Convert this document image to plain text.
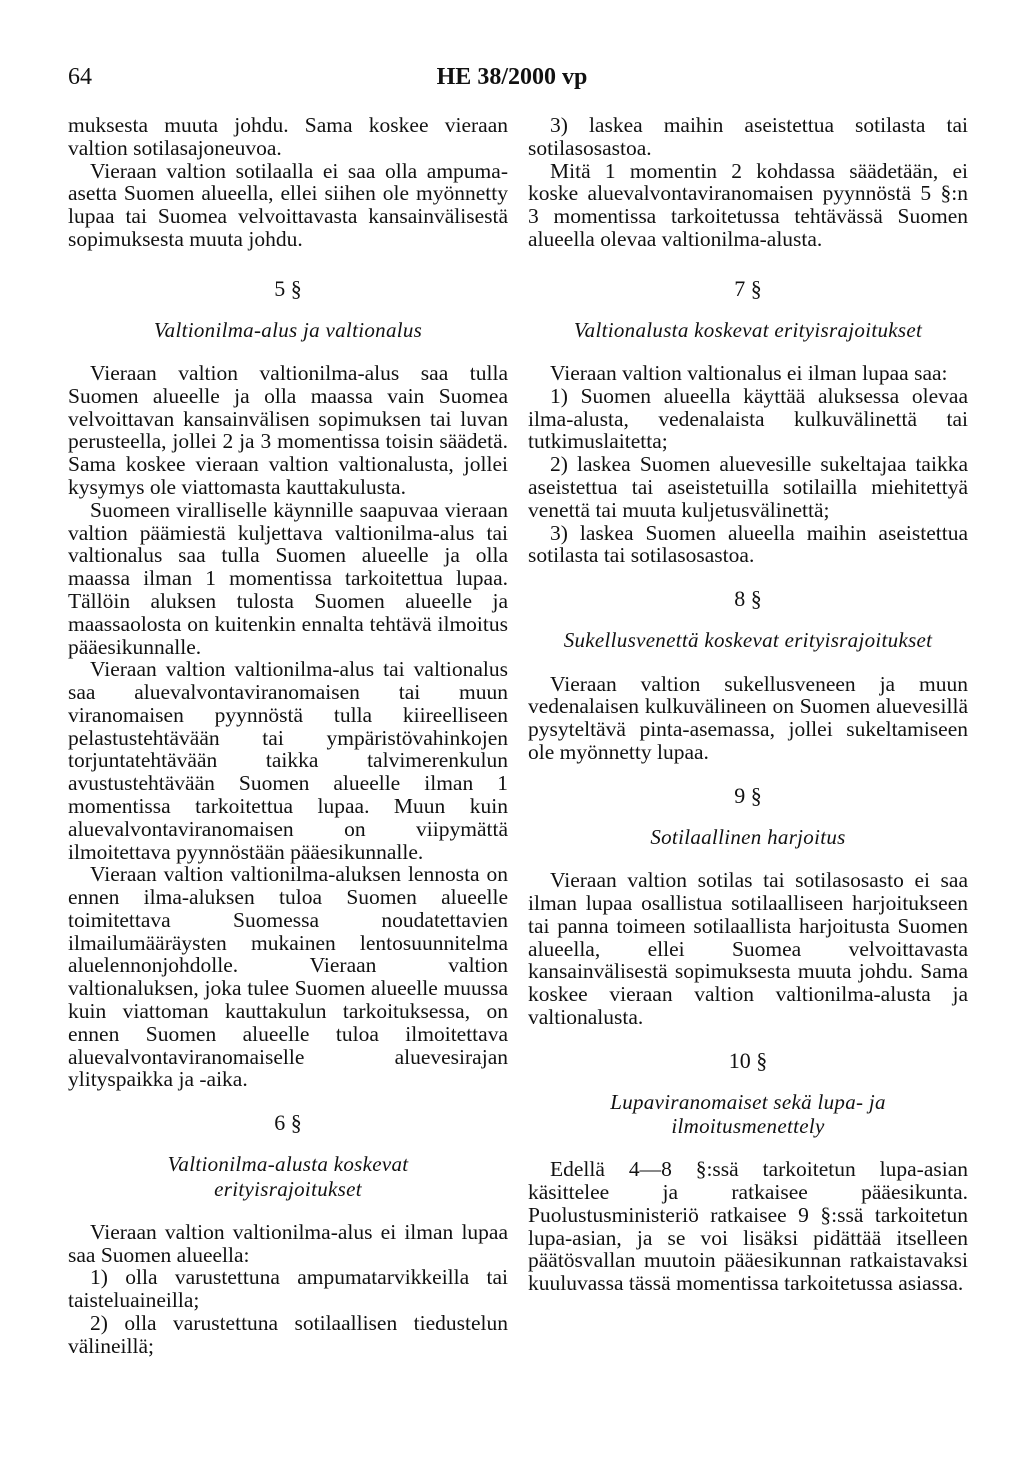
64	HE 38/2000 vp

muksesta muuta johdu. Sama koskee vieraan valtion sotilasajoneuvoa.

Vieraan valtion sotilaalla ei saa olla ampuma-asetta Suomen alueella, ellei siihen ole myönnetty lupaa tai Suomea velvoittavasta kansainvälisestä sopimuksesta muuta johdu.

5 §
Valtionilma-alus ja valtionalus

Vieraan valtion valtionilma-alus saa tulla Suomen alueelle ja olla maassa vain Suomea velvoittavan kansainvälisen sopimuksen tai luvan perusteella, jollei 2 ja 3 momentissa toisin säädetä. Sama koskee vieraan valtion valtionalusta, jollei kysymys ole viattomasta kauttakulusta.

Suomeen viralliselle käynnille saapuvaa vieraan valtion päämiestä kuljettava valtionilma-alus tai valtionalus saa tulla Suomen alueelle ja olla maassa ilman 1 momentissa tarkoitettua lupaa. Tällöin aluksen tulosta Suomen alueelle ja maassaolosta on kuitenkin ennalta tehtävä ilmoitus pääesikunnalle.

Vieraan valtion valtionilma-alus tai valtionalus saa aluevalvontaviranomaisen tai muun viranomaisen pyynnöstä tulla kiireelliseen pelastustehtävään tai ympäristövahinkojen torjuntatehtävään taikka talvimerenkulun avustustehtävään Suomen alueelle ilman 1 momentissa tarkoitettua lupaa. Muun kuin aluevalvontaviranomaisen on viipymättä ilmoitettava pyynnöstään pääesikunnalle.

Vieraan valtion valtionilma-aluksen lennosta on ennen ilma-aluksen tuloa Suomen alueelle toimitettava Suomessa noudatettavien ilmailumääräysten mukainen lentosuunnitelma aluelennonjohdolle. Vieraan valtion valtionaluksen, joka tulee Suomen alueelle muussa kuin viattoman kauttakulun tarkoituksessa, on ennen Suomen alueelle tuloa ilmoitettava aluevalvontaviranomaiselle aluevesirajan ylityspaikka ja -aika.

6 §
Valtionilma-alusta koskevat erityisrajoitukset

Vieraan valtion valtionilma-alus ei ilman lupaa saa Suomen alueella:

1) olla varustettuna ampumatarvikkeilla tai taisteluaineilla;

2) olla varustettuna sotilaallisen tiedustelun välineillä;

3) laskea maihin aseistettua sotilasta tai sotilasosastoa.

Mitä 1 momentin 2 kohdassa säädetään, ei koske aluevalvontaviranomaisen pyynnöstä 5 §:n 3 momentissa tarkoitetussa tehtävässä Suomen alueella olevaa valtionilma-alusta.

7 §
Valtionalusta koskevat erityisrajoitukset

Vieraan valtion valtionalus ei ilman lupaa saa:

1) Suomen alueella käyttää aluksessa olevaa ilma-alusta, vedenalaista kulkuvälinettä tai tutkimuslaitetta;

2) laskea Suomen aluevesille sukeltajaa taikka aseistettua tai aseistetuilla sotilailla miehitettyä venettä tai muuta kuljetusvälinettä;

3) laskea Suomen alueella maihin aseistettua sotilasta tai sotilasosastoa.

8 §
Sukellusvenettä koskevat erityisrajoitukset

Vieraan valtion sukellusveneen ja muun vedenalaisen kulkuvälineen on Suomen aluevesillä pysyteltävä pinta-asemassa, jollei sukeltamiseen ole myönnetty lupaa.

9 §
Sotilaallinen harjoitus

Vieraan valtion sotilas tai sotilasosasto ei saa ilman lupaa osallistua sotilaalliseen harjoitukseen tai panna toimeen sotilaallista harjoitusta Suomen alueella, ellei Suomea velvoittavasta kansainvälisestä sopimuksesta muuta johdu. Sama koskee vieraan valtion valtionilma-alusta ja valtionalusta.

10 §
Lupaviranomaiset sekä lupa- ja ilmoitusmenettely

Edellä 4—8 §:ssä tarkoitetun lupa-asian käsittelee ja ratkaisee pääesikunta. Puolustusministeriö ratkaisee 9 §:ssä tarkoitetun lupa-asian, ja se voi lisäksi pidättää itselleen päätösvallan muutoin pääesikunnan ratkaistavaksi kuuluvassa tässä momentissa tarkoitetussa asiassa.
